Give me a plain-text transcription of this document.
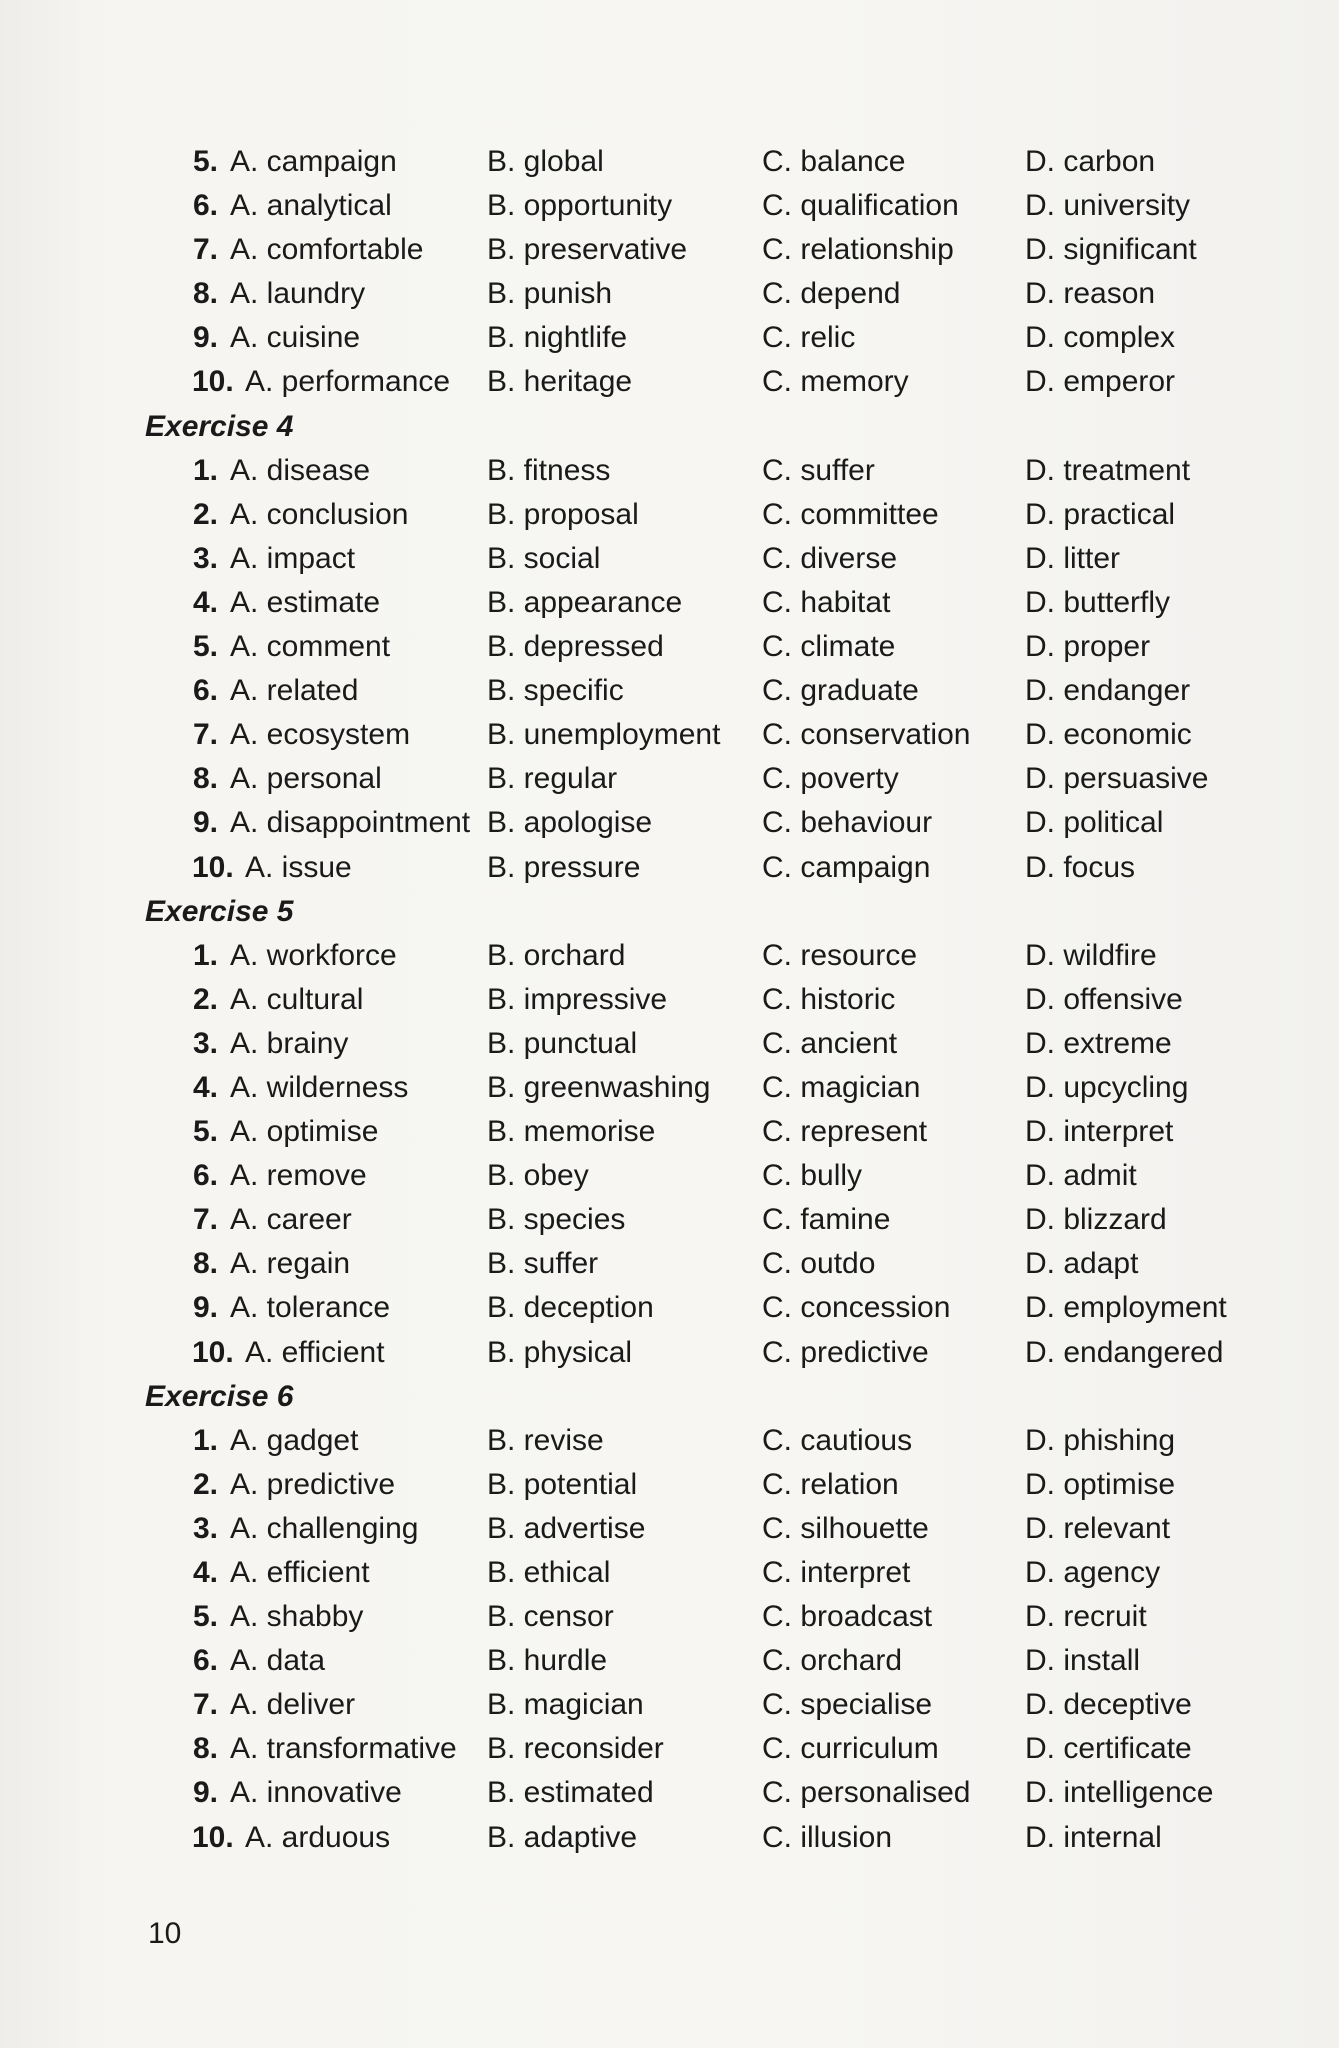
5. A. campaign	B. global	C. balance	D. carbon
6. A. analytical	B. opportunity	C. qualification D. university
7. A. comfortable B. preservative C. relationship D. significant
8. A. laundry	B. punish	C. depend	D. reason
9. A. cuisine	B. nightlife	C. relic	D. complex
10. A. performance B. heritage	C. memory	D. emperor
Exercise 4
1. A. disease	B. fitness	C. suffer	D. treatment
2. A. conclusion	B. proposal	C. committee	D. practical
3. A. impact	B. social	C. diverse	D. litter
4. A. estimate	B. appearance	C. habitat	D. butterfly
5. A. comment	B. depressed	C. climate	D. proper
6. A. related	B. specific	C. graduate	D. endanger
7. A. ecosystem	B. unemployment C. conservation D. economic
8. A. personal	B. regular	C. poverty	D. persuasive
9. A. disappointment B. apologise	C. behaviour	D. political
10. A. issue	B. pressure	C. campaign	D. focus
Exercise 5
1. A. workforce	B. orchard	C. resource	D. wildfire
2. A. cultural	B. impressive	C. historic	D. offensive
3. A. brainy	B. punctual	C. ancient	D. extreme
4. A. wilderness	B. greenwashing C. magician	D. upcycling
5. A. optimise	B. memorise	C. represent	D. interpret
6. A. remove	B. obey	C. bully	D. admit
7. A. career	B. species	C. famine	D. blizzard
8. A. regain	B. suffer	C. outdo	D. adapt
9. A. tolerance	B. deception	C. concession D. employment
10. A. efficient	B. physical	C. predictive	D. endangered
Exercise 6
1. A. gadget	B. revise	C. cautious	D. phishing
2. A. predictive	B. potential	C. relation	D. optimise
3. A. challenging B. advertise	C. silhouette	D. relevant
4. A. efficient	B. ethical	C. interpret	D. agency
5. A. shabby	B. censor	C. broadcast	D. recruit
6. A. data	B. hurdle	C. orchard	D. install
7. A. deliver	B. magician	C. specialise	D. deceptive
8. A. transformative B. reconsider	C. curriculum	D. certificate
9. A. innovative	B. estimated	C. personalised D. intelligence
10. A. arduous	B. adaptive	C. illusion	D. internal
10
